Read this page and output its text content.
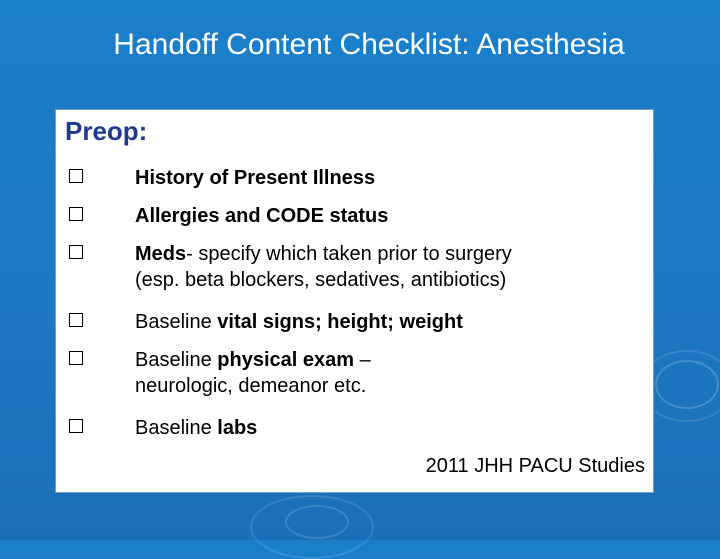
Handoff Content Checklist: Anesthesia
Preop:
History of Present Illness
Allergies and CODE status
Meds- specify which taken prior to surgery
(esp. beta blockers, sedatives, antibiotics)
Baseline vital signs; height; weight
Baseline physical exam –
neurologic, demeanor etc.
Baseline labs
2011 JHH PACU Studies
